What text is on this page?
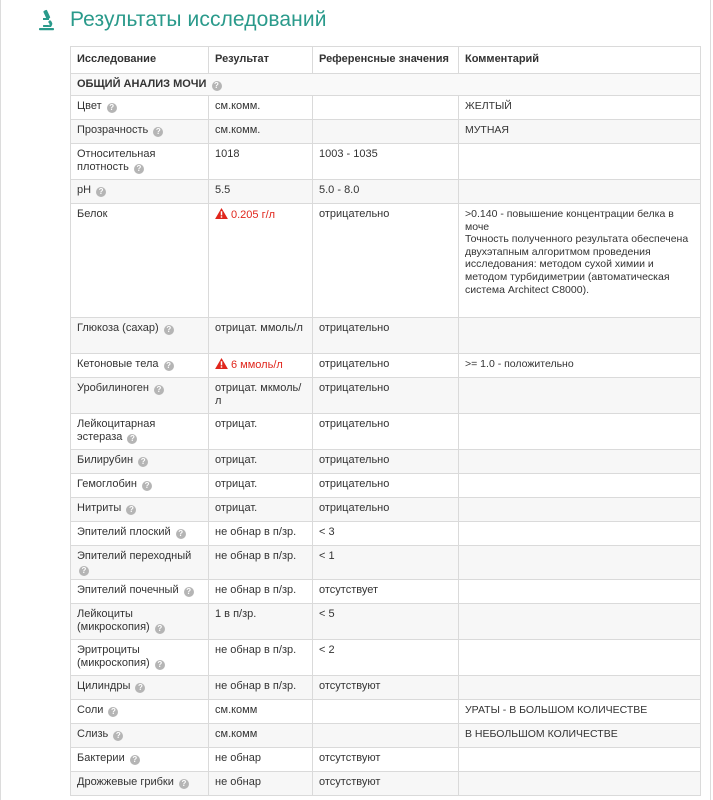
Результаты исследований
Исследование	Результат	Референсные значения	Комментарий
ОБЩИЙ АНАЛИЗ МОЧИ ?			
Цвет ?	см.комм.		ЖЕЛТЫЙ
Прозрачность ?	см.комм.		МУТНАЯ
Относительная плотность ?	1018	1003 - 1035	
pH ?	5.5	5.0 - 8.0	
Белок	0.205 г/л	отрицательно	>0.140 - повышение концентрации белка в моче
Точность полученного результата обеспечена двухэтапным алгоритмом проведения исследования: методом сухой химии и методом турбидиметрии (автоматическая система Architect C8000).
Глюкоза (сахар) ?	отрицат. ммоль/л	отрицательно	
Кетоновые тела ?	6 ммоль/л	отрицательно	>= 1.0 - положительно
Уробилиноген ?	отрицат. мкмоль/л	отрицательно	
Лейкоцитарная эстераза ?	отрицат.	отрицательно	
Билирубин ?	отрицат.	отрицательно	
Гемоглобин ?	отрицат.	отрицательно	
Нитриты ?	отрицат.	отрицательно	
Эпителий плоский ?	не обнар в п/зр.	< 3	
Эпителий переходный ?	не обнар в п/зр.	< 1	
Эпителий почечный ?	не обнар в п/зр.	отсутствует	
Лейкоциты (микроскопия) ?	1 в п/зр.	< 5	
Эритроциты (микроскопия) ?	не обнар в п/зр.	< 2	
Цилиндры ?	не обнар в п/зр.	отсутствуют	
Соли ?	см.комм		УРАТЫ - В БОЛЬШОМ КОЛИЧЕСТВЕ
Слизь ?	см.комм		В НЕБОЛЬШОМ КОЛИЧЕСТВЕ
Бактерии ?	не обнар	отсутствуют	
Дрожжевые грибки ?	не обнар	отсутствуют	
